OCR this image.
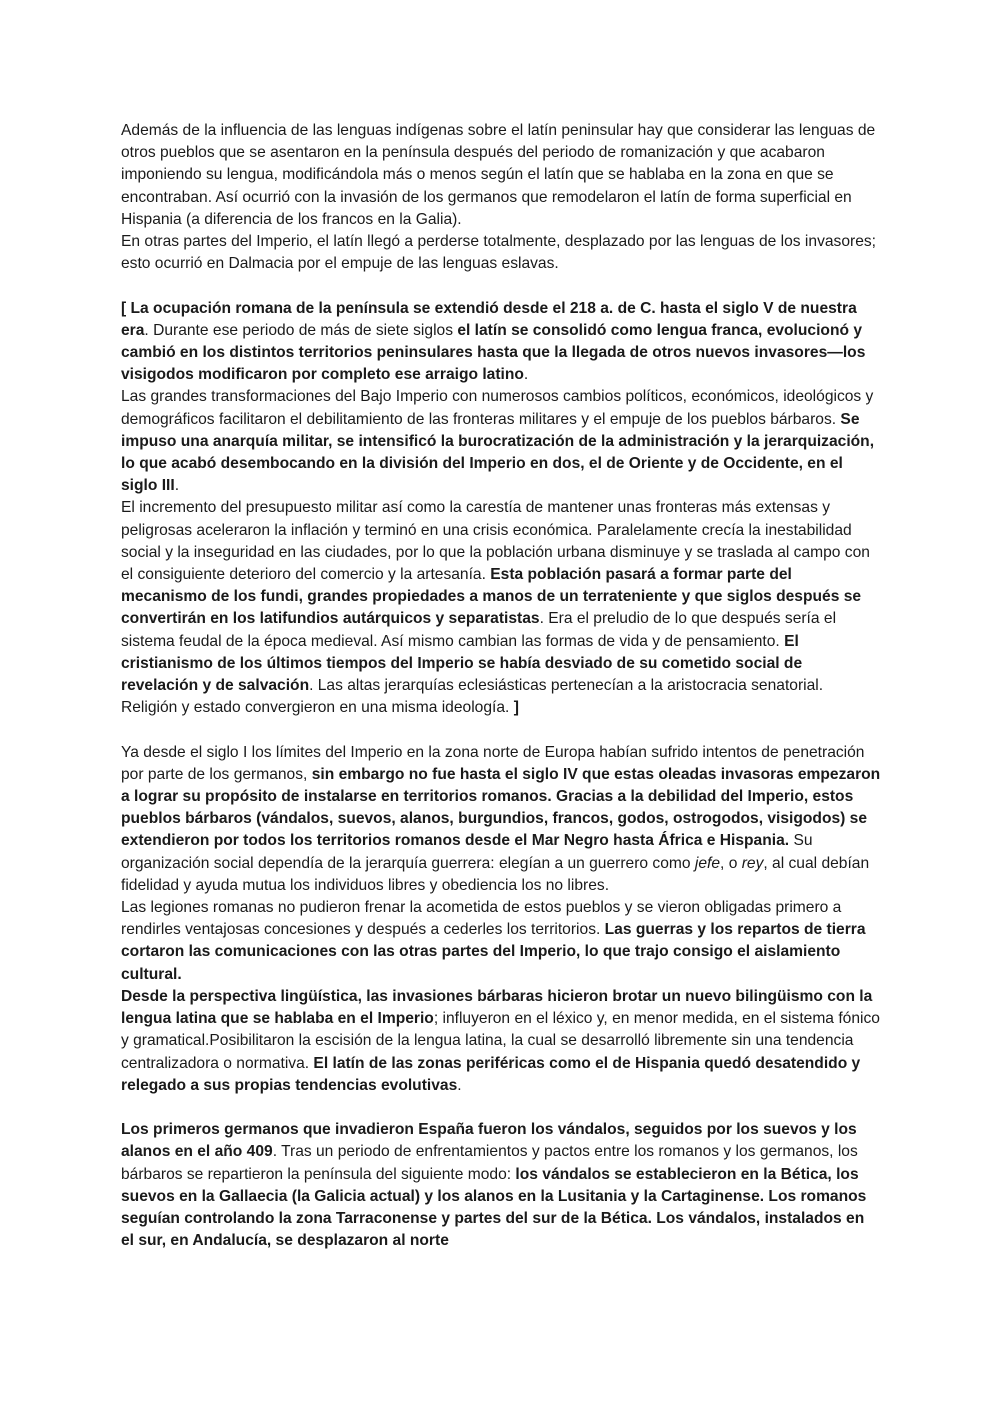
Además de la influencia de las lenguas indígenas sobre el latín peninsular hay que considerar las lenguas de otros pueblos que se asentaron en la península después del periodo de romanización y que acabaron imponiendo su lengua, modificándola más o menos según el latín que se hablaba en la zona en que se encontraban. Así ocurrió con la invasión de los germanos que remodelaron el latín de forma superficial en Hispania (a diferencia de los francos en la Galia).

En otras partes del Imperio, el latín llegó a perderse totalmente, desplazado por las lenguas de los invasores; esto ocurrió en Dalmacia por el empuje de las lenguas eslavas.

[ La ocupación romana de la península se extendió desde el 218 a. de C. hasta el siglo V de nuestra era. Durante ese periodo de más de siete siglos el latín se consolidó como lengua franca, evolucionó y cambió en los distintos territorios peninsulares hasta que la llegada de otros nuevos invasores—los visigodos modificaron por completo ese arraigo latino.

Las grandes transformaciones del Bajo Imperio con numerosos cambios políticos, económicos, ideológicos y demográficos facilitaron el debilitamiento de las fronteras militares y el empuje de los pueblos bárbaros. Se impuso una anarquía militar, se intensificó la burocratización de la administración y la jerarquización, lo que acabó desembocando en la división del Imperio en dos, el de Oriente y de Occidente, en el siglo III.

El incremento del presupuesto militar así como la carestía de mantener unas fronteras más extensas y peligrosas aceleraron la inflación y terminó en una crisis económica. Paralelamente crecía la inestabilidad social y la inseguridad en las ciudades, por lo que la población urbana disminuye y se traslada al campo con el consiguiente deterioro del comercio y la artesanía. Esta población pasará a formar parte del mecanismo de los fundi, grandes propiedades a manos de un terrateniente y que siglos después se convertirán en los latifundios autárquicos y separatistas. Era el preludio de lo que después sería el sistema feudal de la época medieval. Así mismo cambian las formas de vida y de pensamiento. El cristianismo de los últimos tiempos del Imperio se había desviado de su cometido social de revelación y de salvación. Las altas jerarquías eclesiásticas pertenecían a la aristocracia senatorial. Religión y estado convergieron en una misma ideología. ]

Ya desde el siglo I los límites del Imperio en la zona norte de Europa habían sufrido intentos de penetración por parte de los germanos, sin embargo no fue hasta el siglo IV que estas oleadas invasoras empezaron a lograr su propósito de instalarse en territorios romanos. Gracias a la debilidad del Imperio, estos pueblos bárbaros (vándalos, suevos, alanos, burgundios, francos, godos, ostrogodos, visigodos) se extendieron por todos los territorios romanos desde el Mar Negro hasta África e Hispania. Su organización social dependía de la jerarquía guerrera: elegían a un guerrero como jefe, o rey, al cual debían fidelidad y ayuda mutua los individuos libres y obediencia los no libres.

Las legiones romanas no pudieron frenar la acometida de estos pueblos y se vieron obligadas primero a rendirles ventajosas concesiones y después a cederles los territorios. Las guerras y los repartos de tierra cortaron las comunicaciones con las otras partes del Imperio, lo que trajo consigo el aislamiento cultural.

Desde la perspectiva lingüística, las invasiones bárbaras hicieron brotar un nuevo bilingüismo con la lengua latina que se hablaba en el Imperio; influyeron en el léxico y, en menor medida, en el sistema fónico y gramatical.Posibilitaron la escisión de la lengua latina, la cual se desarrolló libremente sin una tendencia centralizadora o normativa. El latín de las zonas periféricas como el de Hispania quedó desatendido y relegado a sus propias tendencias evolutivas.

Los primeros germanos que invadieron España fueron los vándalos, seguidos por los suevos y los alanos en el año 409. Tras un periodo de enfrentamientos y pactos entre los romanos y los germanos, los bárbaros se repartieron la península del siguiente modo: los vándalos se establecieron en la Bética, los suevos en la Gallaecia (la Galicia actual) y los alanos en la Lusitania y la Cartaginense. Los romanos seguían controlando la zona Tarraconense y partes del sur de la Bética. Los vándalos, instalados en el sur, en Andalucía, se desplazaron al norte
